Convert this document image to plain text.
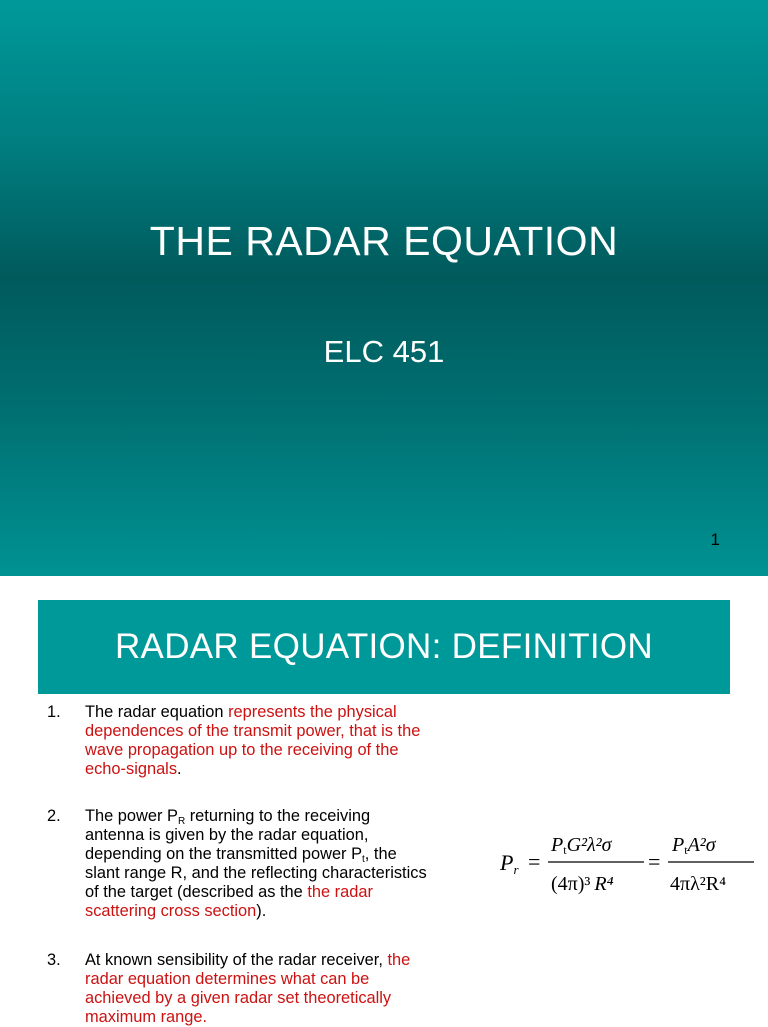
THE RADAR EQUATION
ELC 451
1
RADAR EQUATION: DEFINITION
1.	The radar equation represents the physical
dependences of the transmit power, that is the
wave propagation up to the receiving of the
echo-signals.
2.	The power $P_R$ returning to the receiving
antenna is given by the radar equation,
depending on the transmitted power $P_t$, the
slant range R, and the reflecting characteristics
of the target (described as the the radar
scattering cross section).
3.	At known sensibility of the radar receiver, the
radar equation determines what can be
achieved by a given radar set theoretically
maximum range.
Pr =
PtG²λ²σ
(4π)³ R⁴
=
PtA²σ
4πλ²R⁴
